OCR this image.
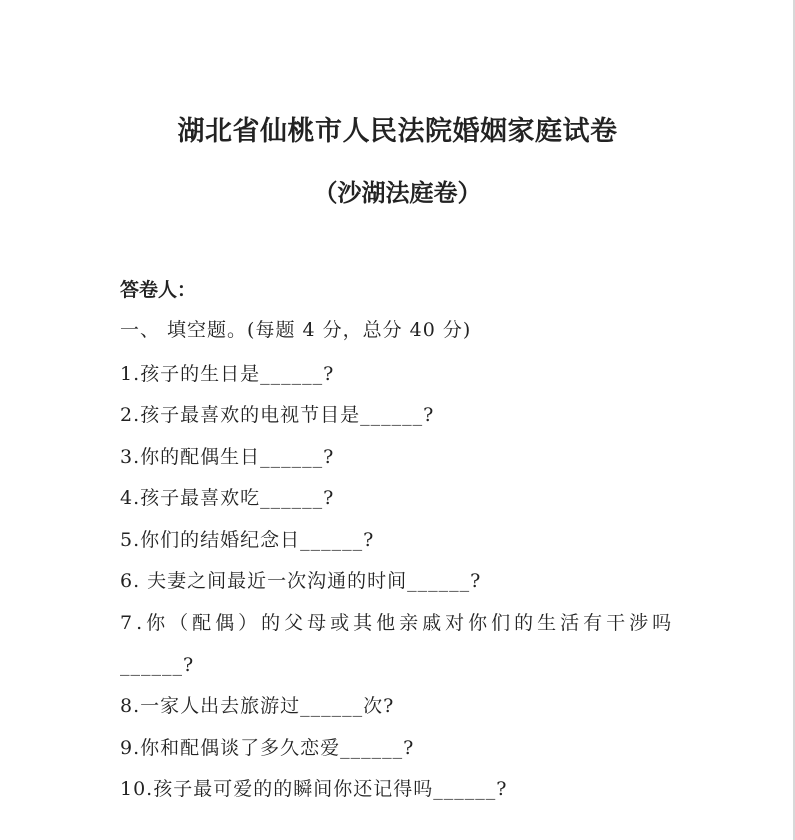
湖北省仙桃市人民法院婚姻家庭试卷
（沙湖法庭卷）
答卷人：
一、 填空题。(每题 4 分，总分 40 分)
1.孩子的生日是______?
2.孩子最喜欢的电视节目是______?
3.你的配偶生日______?
4.孩子最喜欢吃______?
5.你们的结婚纪念日______?
6. 夫妻之间最近一次沟通的时间______?
7.你（配偶）的父母或其他亲戚对你们的生活有干涉吗
______?
8.一家人出去旅游过______次?
9.你和配偶谈了多久恋爱______?
10.孩子最可爱的的瞬间你还记得吗______?
